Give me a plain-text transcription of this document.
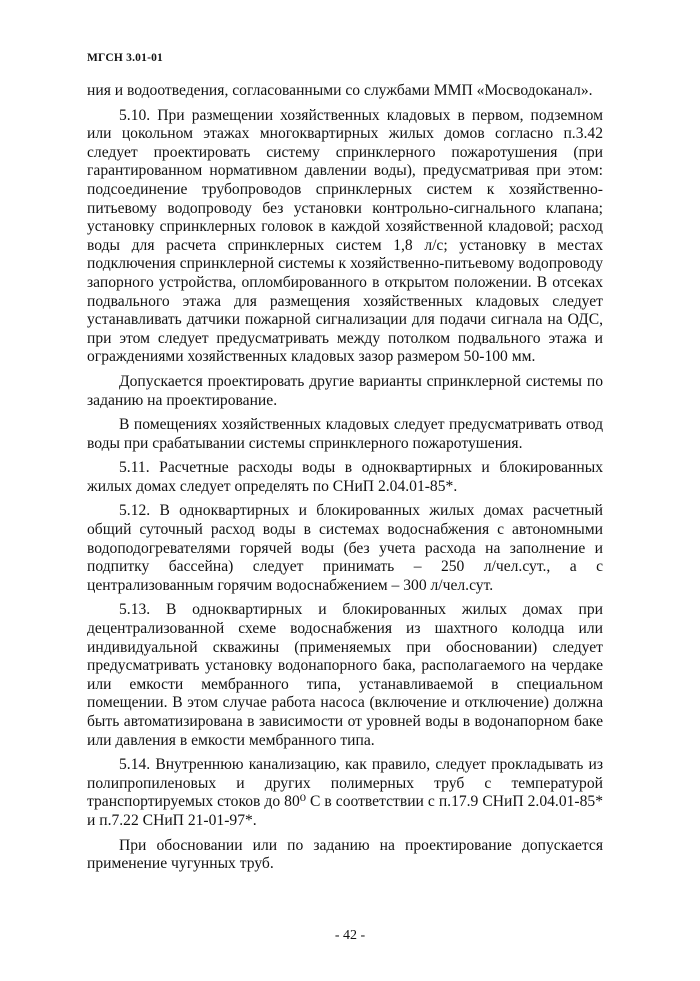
МГСН 3.01-01

ния и водоотведения, согласованными со службами ММП «Мосводоканал».

5.10. При размещении хозяйственных кладовых в первом, подземном или цокольном этажах многоквартирных жилых домов согласно п.3.42 следует проектировать систему спринклерного пожаротушения (при гарантированном нормативном давлении воды), предусматривая при этом: подсоединение трубопроводов спринклерных систем к хозяйственно-питьевому водопроводу без установки контрольно-сигнального клапана; установку спринклерных головок в каждой хозяйственной кладовой; расход воды для расчета спринклерных систем 1,8 л/с; установку в местах подключения спринклерной системы к хозяйственно-питьевому водопроводу запорного устройства, опломбированного в открытом положении. В отсеках подвального этажа для размещения хозяйственных кладовых следует устанавливать датчики пожарной сигнализации для подачи сигнала на ОДС, при этом следует предусматривать между потолком подвального этажа и ограждениями хозяйственных кладовых зазор размером 50-100 мм.

Допускается проектировать другие варианты спринклерной системы по заданию на проектирование.

В помещениях хозяйственных кладовых следует предусматривать отвод воды при срабатывании системы спринклерного пожаротушения.

5.11. Расчетные расходы воды в одноквартирных и блокированных жилых домах следует определять по СНиП 2.04.01-85*.

5.12. В одноквартирных и блокированных жилых домах расчетный общий суточный расход воды в системах водоснабжения с автономными водоподогревателями горячей воды (без учета расхода на заполнение и подпитку бассейна) следует принимать – 250 л/чел.сут., а с централизованным горячим водоснабжением – 300 л/чел.сут.

5.13. В одноквартирных и блокированных жилых домах при децентрализованной схеме водоснабжения из шахтного колодца или индивидуальной скважины (применяемых при обосновании) следует предусматривать установку водонапорного бака, располагаемого на чердаке или емкости мембранного типа, устанавливаемой в специальном помещении. В этом случае работа насоса (включение и отключение) должна быть автоматизирована в зависимости от уровней воды в водонапорном баке или давления в емкости мембранного типа.

5.14. Внутреннюю канализацию, как правило, следует прокладывать из полипропиленовых и других полимерных труб с температурой транспортируемых стоков до 80⁰ С в соответствии с п.17.9 СНиП 2.04.01-85* и п.7.22 СНиП 21-01-97*.

При обосновании или по заданию на проектирование допускается применение чугунных труб.

- 42 -
